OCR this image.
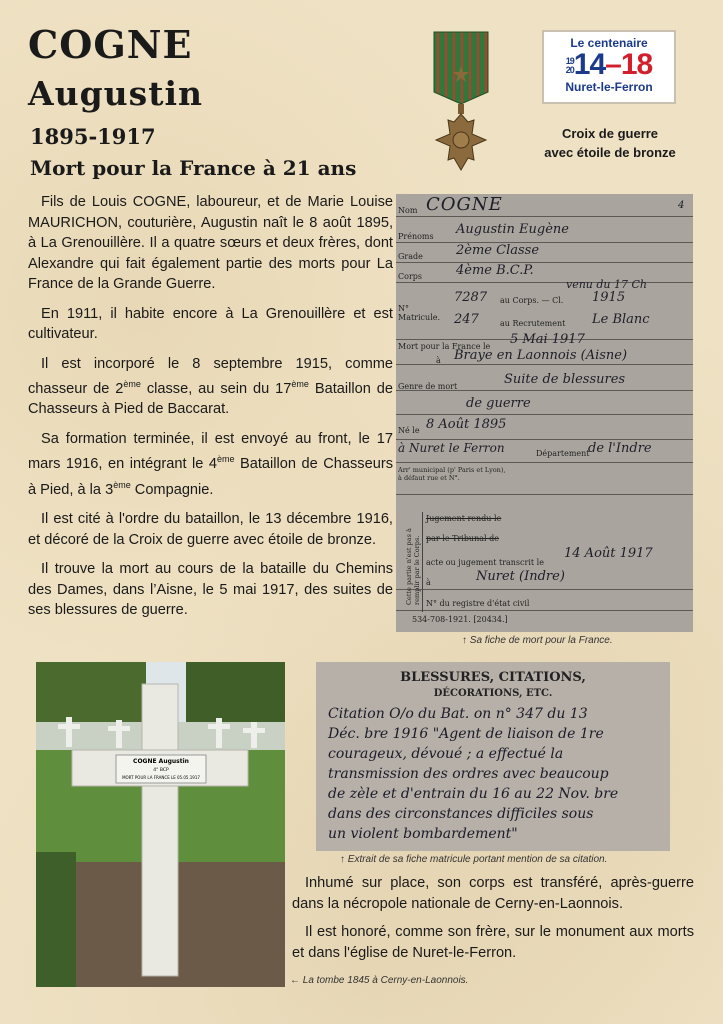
COGNE
Augustin
1895-1917
Mort pour la France à 21 ans
Le centenaire
19
2014–18
Nuret-le-Ferron
Croix de guerre
avec étoile de bronze

Fils de Louis COGNE, laboureur, et de Marie Louise MAURICHON, couturière, Augustin naît le 8 août 1895, à La Grenouillère. Il a quatre sœurs et deux frères, dont Alexandre qui fait également partie des morts pour La France de la Grande Guerre.

En 1911, il habite encore à La Grenouillère et est cultivateur.

Il est incorporé le 8 septembre 1915, comme chasseur de 2ème classe, au sein du 17ème Bataillon de Chasseurs à Pied de Baccarat.

Sa formation terminée, il est envoyé au front, le 17 mars 1916, en intégrant le 4ème Bataillon de Chasseurs à Pied, à la 3ème Compagnie.

Il est cité à l'ordre du bataillon, le 13 décembre 1916, et décoré de la Croix de guerre avec étoile de bronze.

Il trouve la mort au cours de la bataille du Chemins des Dames, dans l’Aisne, le 5 mai 1917, des suites de ses blessures de guerre.

Nom COGNE	4
Prénoms Augustin Eugène
Grade	2ème Classe
Corps	4ème B.C.P.
venu du 17 Ch
N° Matricule.
7287 au Corps. — Cl. 1915
247	au Recrutement Le Blanc
Mort pour la France le 5 Mai 1917
à Braye en Laonnois (Aisne)
Genre de mort	Suite de blessures
de guerre
Né le 8 Août 1895
à Nuret le Ferron	Département
de l'Indre
Arr' municipal (p' Paris et Lyon), à défaut rue et N°.
Cette partie n'est pas à remplir par le Corps.
Jugement rendu le
par le Tribunal de
acte ou jugement transcrit le
14 Août 1917
à	Nuret (Indre)
N° du registre d'état civil
534-708-1921. [20434.]
↑ Sa fiche de mort pour la France.
COGNE Augustin
4° BCP
MORT POUR LA FRANCE LE 05.05.1917
← La tombe 1845 à Cerny-en-Laonnois.
BLESSURES, CITATIONS,
DÉCORATIONS, ETC.
Citation O/o du Bat. on n° 347 du 13
Déc. bre 1916 "Agent de liaison de 1re
courageux, dévoué ; a effectué la
transmission des ordres avec beaucoup
de zèle et d'entrain du 16 au 22 Nov. bre
dans des circonstances difficiles sous
un violent bombardement"
↑ Extrait de sa fiche matricule portant mention de sa citation.

Inhumé sur place, son corps est transféré, après-guerre dans la nécropole nationale de Cerny-en-Laonnois.

Il est honoré, comme son frère, sur le monument aux morts et dans l'église de Nuret-le-Ferron.
